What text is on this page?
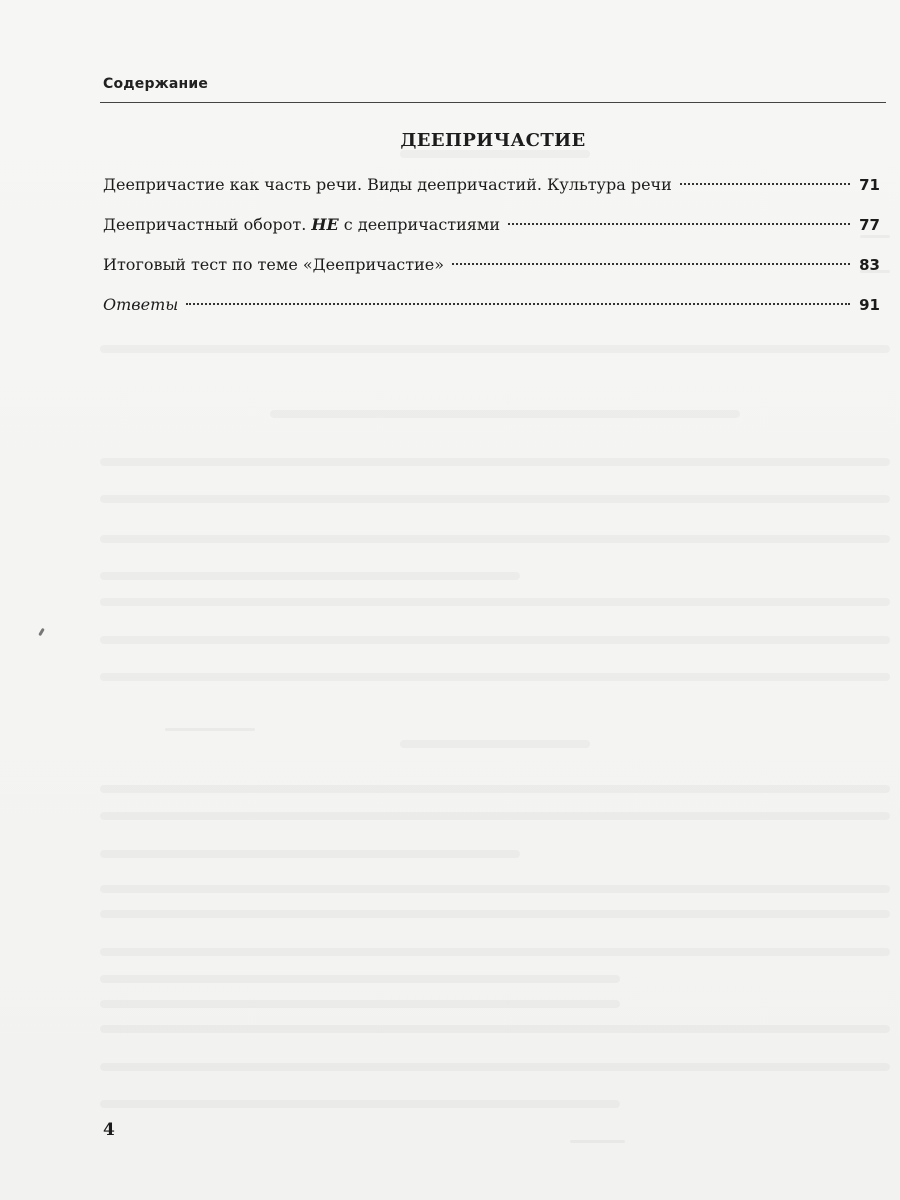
Содержание
ДЕЕПРИЧАСТИЕ
Деепричастие как часть речи. Виды деепричастий. Культура речи	71
Деепричастный оборот. НЕ с деепричастиями	77
Итоговый тест по теме «Деепричастие»	83
Ответы	91
4
